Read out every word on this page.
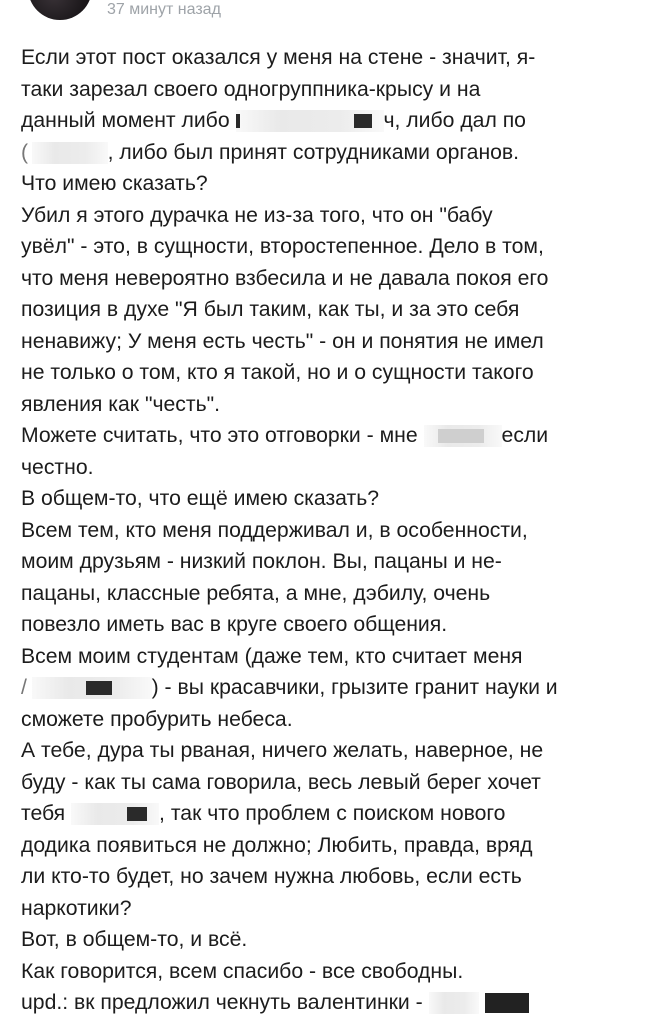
37 минут назад
Если этот пост оказался у меня на стене - значит, я-
таки зарезал своего одногруппника-крысу и на
данный момент либо	ч, либо дал по
(	, либо был принят сотрудниками органов.
Что имею сказать?
Убил я этого дурачка не из-за того, что он "бабу
увёл" - это, в сущности, второстепенное. Дело в том,
что меня невероятно взбесила и не давала покоя его
позиция в духе "Я был таким, как ты, и за это себя
ненавижу; У меня есть честь" - он и понятия не имел
не только о том, кто я такой, но и о сущности такого
явления как "честь".
Можете считать, что это отговорки - мне	если
честно.
В общем-то, что ещё имею сказать?
Всем тем, кто меня поддерживал и, в особенности,
моим друзьям - низкий поклон. Вы, пацаны и не-
пацаны, классные ребята, а мне, дэбилу, очень
повезло иметь вас в круге своего общения.
Всем моим студентам (даже тем, кто считает меня
/	) - вы красавчики, грызите гранит науки и
сможете пробурить небеса.
А тебе, дура ты рваная, ничего желать, наверное, не
буду - как ты сама говорила, весь левый берег хочет
тебя	, так что проблем с поиском нового
додика появиться не должно; Любить, правда, вряд
ли кто-то будет, но зачем нужна любовь, если есть
наркотики?
Вот, в общем-то, и всё.
Как говорится, всем спасибо - все свободны.
upd.: вк предложил чекнуть валентинки -
